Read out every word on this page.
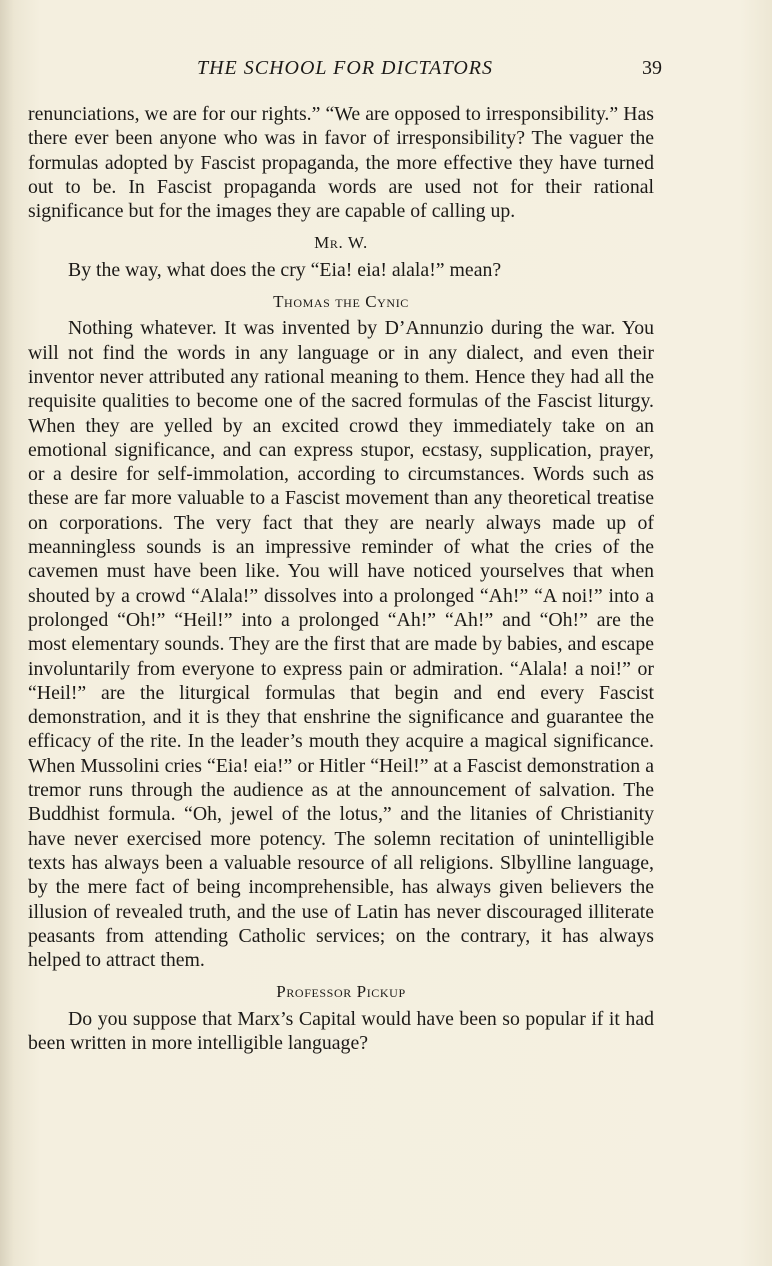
THE SCHOOL FOR DICTATORS	39

renunciations, we are for our rights.” “We are opposed to irresponsibility.” Has there ever been anyone who was in favor of irresponsibility? The vaguer the formulas adopted by Fascist propaganda, the more effective they have turned out to be. In Fascist propaganda words are used not for their rational significance but for the images they are capable of calling up.

Mr. W.

By the way, what does the cry “Eia! eia! alala!” mean?

Thomas the Cynic

Nothing whatever. It was invented by D’Annunzio during the war. You will not find the words in any language or in any dialect, and even their inventor never attributed any rational meaning to them. Hence they had all the requisite qualities to become one of the sacred formulas of the Fascist liturgy. When they are yelled by an excited crowd they immediately take on an emotional significance, and can express stupor, ecstasy, supplication, prayer, or a desire for self-immolation, according to circumstances. Words such as these are far more valuable to a Fascist movement than any theoretical treatise on corporations. The very fact that they are nearly always made up of meanningless sounds is an impressive reminder of what the cries of the cavemen must have been like. You will have noticed yourselves that when shouted by a crowd “Alala!” dissolves into a prolonged “Ah!” “A noi!” into a prolonged “Oh!” “Heil!” into a prolonged “Ah!” “Ah!” and “Oh!” are the most elementary sounds. They are the first that are made by babies, and escape involuntarily from everyone to express pain or admiration. “Alala! a noi!” or “Heil!” are the liturgical formulas that begin and end every Fascist demonstration, and it is they that enshrine the significance and guarantee the efficacy of the rite. In the leader’s mouth they acquire a magical significance. When Mussolini cries “Eia! eia!” or Hitler “Heil!” at a Fascist demonstration a tremor runs through the audience as at the announcement of salvation. The Buddhist formula. “Oh, jewel of the lotus,” and the litanies of Christianity have never exercised more potency. The solemn recitation of unintelligible texts has always been a valuable resource of all religions. Slbylline language, by the mere fact of being incomprehensible, has always given believers the illusion of revealed truth, and the use of Latin has never discouraged illiterate peasants from attending Catholic services; on the contrary, it has always helped to attract them.

Professor Pickup

Do you suppose that Marx’s Capital would have been so popular if it had been written in more intelligible language?
